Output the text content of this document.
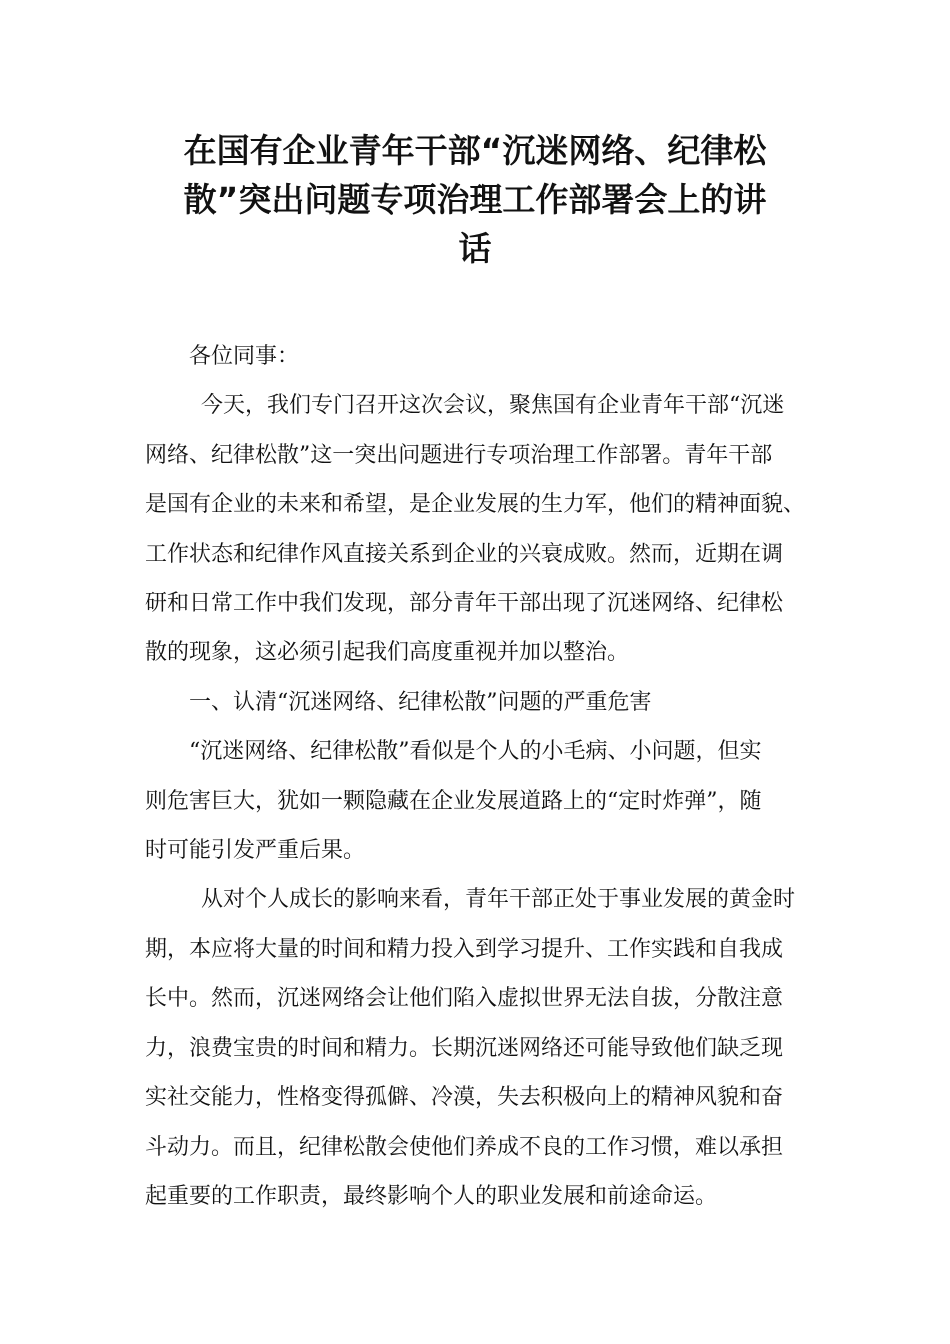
在国有企业青年干部“沉迷网络、纪律松
散”突出问题专项治理工作部署会上的讲
话

各位同事：

今天，我们专门召开这次会议，聚焦国有企业青年干部“沉迷
网络、纪律松散”这一突出问题进行专项治理工作部署。青年干部
是国有企业的未来和希望，是企业发展的生力军，他们的精神面貌、
工作状态和纪律作风直接关系到企业的兴衰成败。然而，近期在调
研和日常工作中我们发现，部分青年干部出现了沉迷网络、纪律松
散的现象，这必须引起我们高度重视并加以整治。

一、认清“沉迷网络、纪律松散”问题的严重危害

“沉迷网络、纪律松散”看似是个人的小毛病、小问题，但实
则危害巨大，犹如一颗隐藏在企业发展道路上的“定时炸弹”，随
时可能引发严重后果。

从对个人成长的影响来看，青年干部正处于事业发展的黄金时
期，本应将大量的时间和精力投入到学习提升、工作实践和自我成
长中。然而，沉迷网络会让他们陷入虚拟世界无法自拔，分散注意
力，浪费宝贵的时间和精力。长期沉迷网络还可能导致他们缺乏现
实社交能力，性格变得孤僻、冷漠，失去积极向上的精神风貌和奋
斗动力。而且，纪律松散会使他们养成不良的工作习惯，难以承担
起重要的工作职责，最终影响个人的职业发展和前途命运。
